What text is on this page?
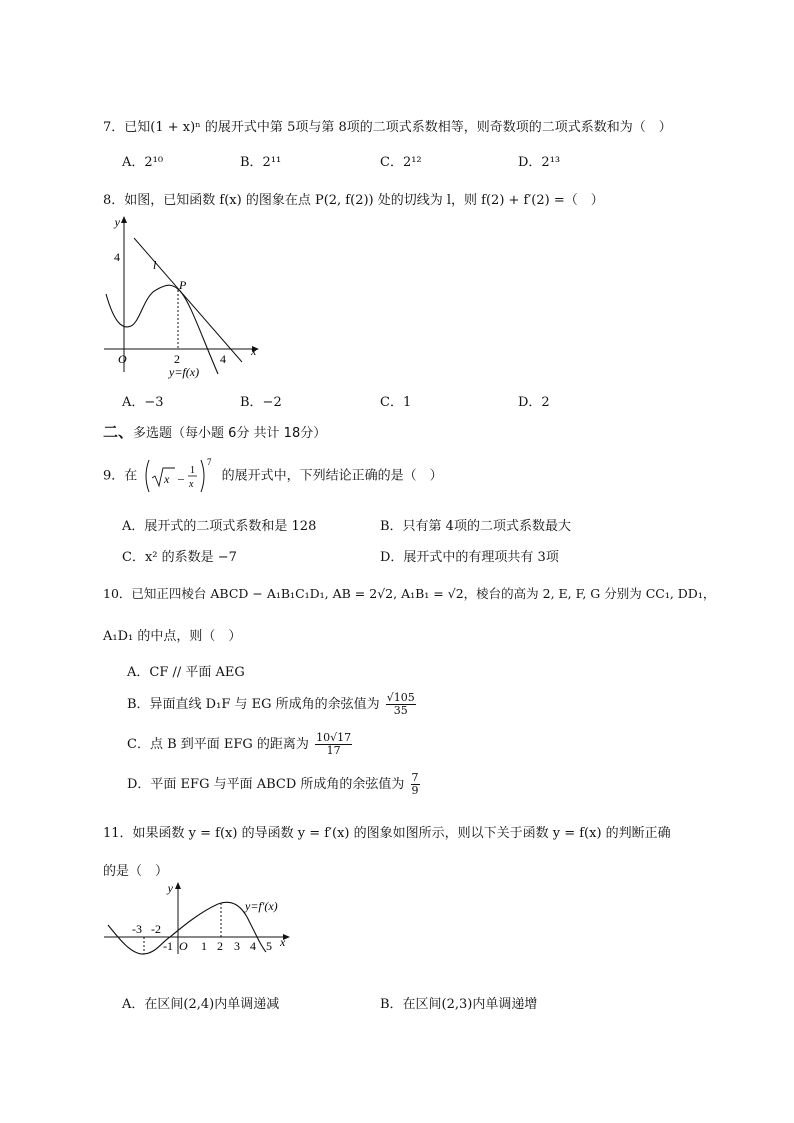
7．已知(1 + x)ⁿ 的展开式中第 5项与第 8项的二项式系数相等，则奇数项的二项式系数和为（　）
A．2¹⁰	B．2¹¹	C．2¹²	D．2¹³
8．如图，已知函数 f(x) 的图象在点 P(2, f(2)) 处的切线为 l，则 f(2) + f′(2) =（　）
y
4
l
P
O	2	4
x
y=f(x)
A．−3	B．−2	C．1	D．2
二、多选题（每小题 6分 共计 18分）
9．在 x –
1
x
7
的展开式中，下列结论正确的是（　）
A．展开式的二项式系数和是 128	B．只有第 4项的二项式系数最大
C．x² 的系数是 −7	D．展开式中的有理项共有 3项
10．已知正四棱台 ABCD − A₁B₁C₁D₁, AB = 2√2, A₁B₁ = √2，棱台的高为 2, E, F, G 分别为 CC₁, DD₁，
A₁D₁ 的中点，则（　）
A．CF // 平面 AEG
B．异面直线 D₁F 与 EG 所成角的余弦值为 $\frac{√105}{35}$
C．点 B 到平面 EFG 的距离为 $\frac{10√17}{17}$
D．平面 EFG 与平面 ABCD 所成角的余弦值为 $\frac{7}{9}$
11．如果函数 y = f(x) 的导函数 y = f′(x) 的图象如图所示，则以下关于函数 y = f(x) 的判断正确
的是（　）
y
y=f'(x)
-3 -2
-1 O 1 2 3 4 5 x
A．在区间(2,4)内单调递减	B．在区间(2,3)内单调递增
